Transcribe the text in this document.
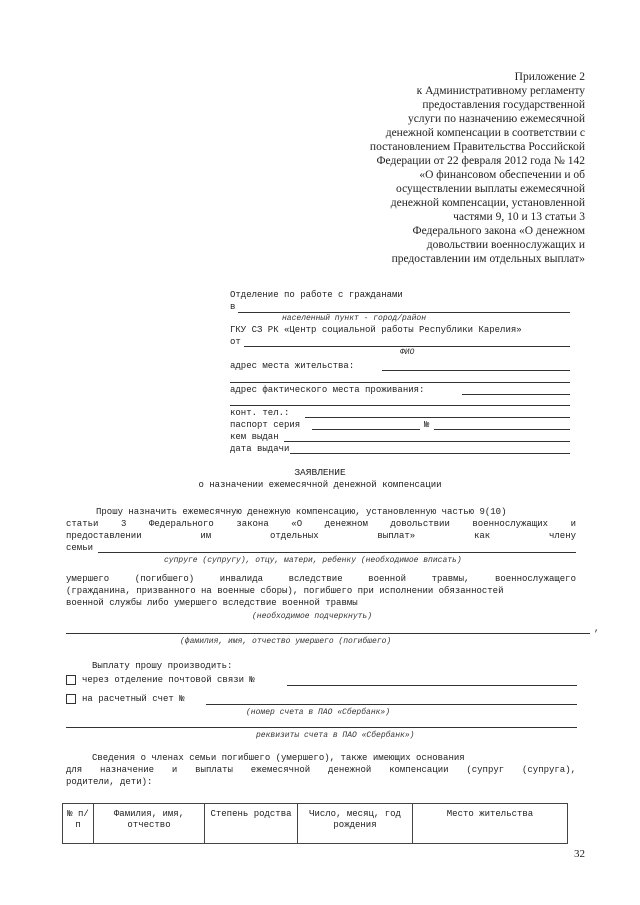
Приложение 2
к Административному регламенту
предоставления государственной
услуги по назначению ежемесячной
денежной компенсации в соответствии с
постановлением Правительства Российской
Федерации от 22 февраля 2012 года № 142
«О финансовом обеспечении и об
осуществлении выплаты ежемесячной
денежной компенсации, установленной
частями 9, 10 и 13 статьи 3
Федерального закона «О денежном
довольствии военнослужащих и
предоставлении им отдельных выплат»
Отделение по работе с гражданами
в
населенный пункт - город/район
ГКУ СЗ РК «Центр социальной работы Республики Карелия»
от
ФИО
адрес места жительства:
адрес фактического места проживания:
конт. тел.:
паспорт серия	№
кем выдан
дата выдачи
ЗАЯВЛЕНИЕ
о назначении ежемесячной денежной компенсации
Прошу назначить ежемесячную денежную компенсацию, установленную частью 9(10)
статьи 3 Федерального закона «О денежном довольствии военнослужащих и
предоставлении им отдельных выплат» как члену
семьи
супруге (супругу), отцу, матери, ребенку (необходимое вписать)
умершего (погибшего) инвалида вследствие военной травмы, военнослужащего
(гражданина, призванного на военные сборы), погибшего при исполнении обязанностей
военной службы либо умершего вследствие военной травмы
(необходимое подчеркнуть)
,
(фамилия, имя, отчество умершего (погибшего)
Выплату прошу производить:
через отделение почтовой связи №
на расчетный счет №
(номер счета в ПАО «Сбербанк»)
реквизиты счета в ПАО «Сбербанк»)
Сведения о членах семьи погибшего (умершего), также имеющих основания
для назначение и выплаты ежемесячной денежной компенсации (супруг (супруга),
родители, дети):
№ п/п	Фамилия, имя, отчество	Степень родства	Число, месяц, год рождения	Место жительства
32
